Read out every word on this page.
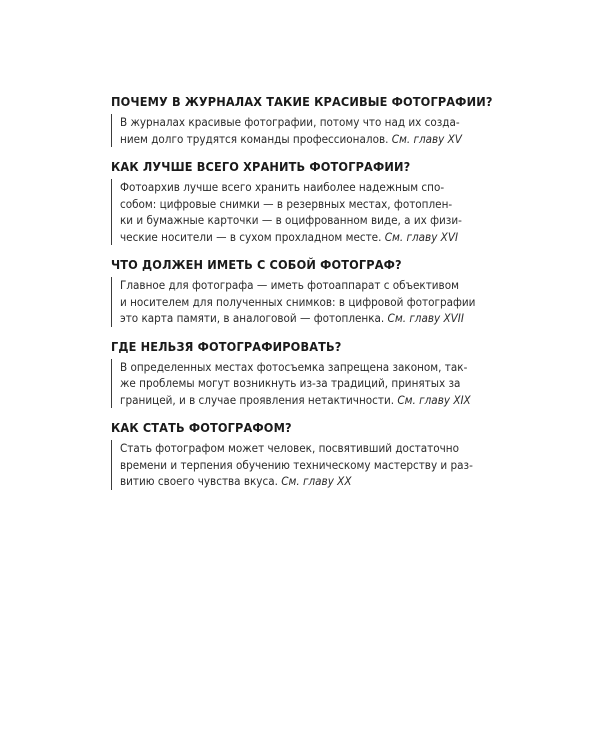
ПОЧЕМУ В ЖУРНАЛАХ ТАКИЕ КРАСИВЫЕ ФОТОГРАФИИ?
В журналах красивые фотографии, потому что над их созда-
нием долго трудятся команды профессионалов. См. главу XV
КАК ЛУЧШЕ ВСЕГО ХРАНИТЬ ФОТОГРАФИИ?
Фотоархив лучше всего хранить наиболее надежным спо-
собом: цифровые снимки — в резервных местах, фотоплен-
ки и бумажные карточки — в оцифрованном виде, а их физи-
ческие носители — в сухом прохладном месте. См. главу XVI
ЧТО ДОЛЖЕН ИМЕТЬ С СОБОЙ ФОТОГРАФ?
Главное для фотографа — иметь фотоаппарат с объективом
и носителем для полученных снимков: в цифровой фотографии
это карта памяти, в аналоговой — фотопленка. См. главу XVII
ГДЕ НЕЛЬЗЯ ФОТОГРАФИРОВАТЬ?
В определенных местах фотосъемка запрещена законом, так-
же проблемы могут возникнуть из-за традиций, принятых за
границей, и в случае проявления нетактичности. См. главу XIX
КАК СТАТЬ ФОТОГРАФОМ?
Стать фотографом может человек, посвятивший достаточно
времени и терпения обучению техническому мастерству и раз-
витию своего чувства вкуса. См. главу XX
